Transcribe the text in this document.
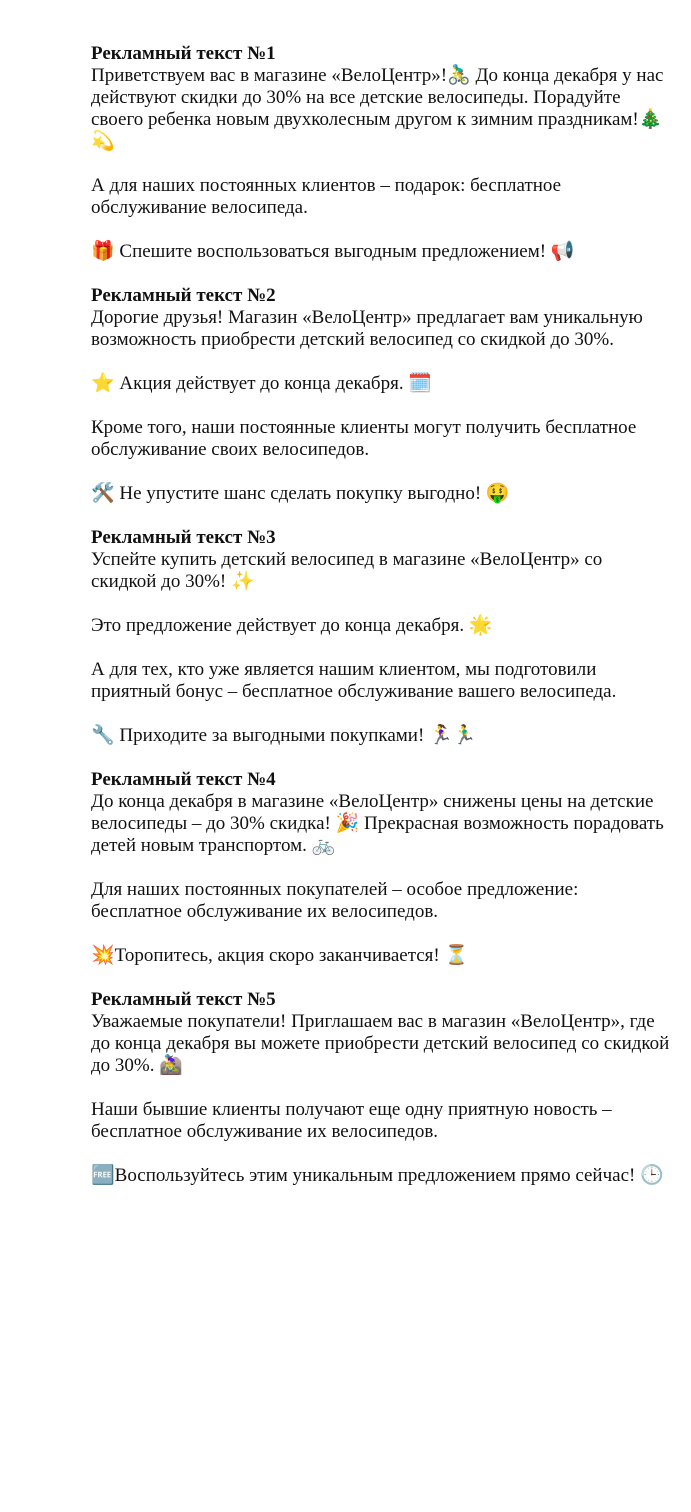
Рекламный текст №1

Приветствуем вас в магазине «ВелоЦентр»!🚴‍♂️ До конца декабря у нас действуют скидки до 30% на все детские велосипеды. Порадуйте своего ребенка новым двухколесным другом к зимним праздникам!🎄💫

А для наших постоянных клиентов – подарок: бесплатное обслуживание велосипеда.

🎁 Спешите воспользоваться выгодным предложением! 📢

Рекламный текст №2

Дорогие друзья! Магазин «ВелоЦентр» предлагает вам уникальную возможность приобрести детский велосипед со скидкой до 30%.

⭐ Акция действует до конца декабря. 🗓️

Кроме того, наши постоянные клиенты могут получить бесплатное обслуживание своих велосипедов.

🛠️ Не упустите шанс сделать покупку выгодно! 🤑

Рекламный текст №3

Успейте купить детский велосипед в магазине «ВелоЦентр» со скидкой до 30%! ✨

Это предложение действует до конца декабря. 🌟

А для тех, кто уже является нашим клиентом, мы подготовили приятный бонус – бесплатное обслуживание вашего велосипеда.

🔧 Приходите за выгодными покупками! 🏃‍♀️🏃‍♂️

Рекламный текст №4

До конца декабря в магазине «ВелоЦентр» снижены цены на детские велосипеды – до 30% скидка! 🎉 Прекрасная возможность порадовать детей новым транспортом. 🚲

Для наших постоянных покупателей – особое предложение: бесплатное обслуживание их велосипедов.

💥Торопитесь, акция скоро заканчивается! ⏳

Рекламный текст №5

Уважаемые покупатели! Приглашаем вас в магазин «ВелоЦентр», где до конца декабря вы можете приобрести детский велосипед со скидкой до 30%. 🚵‍♀️

Наши бывшие клиенты получают еще одну приятную новость – бесплатное обслуживание их велосипедов.

🆓Воспользуйтесь этим уникальным предложением прямо сейчас! 🕒
